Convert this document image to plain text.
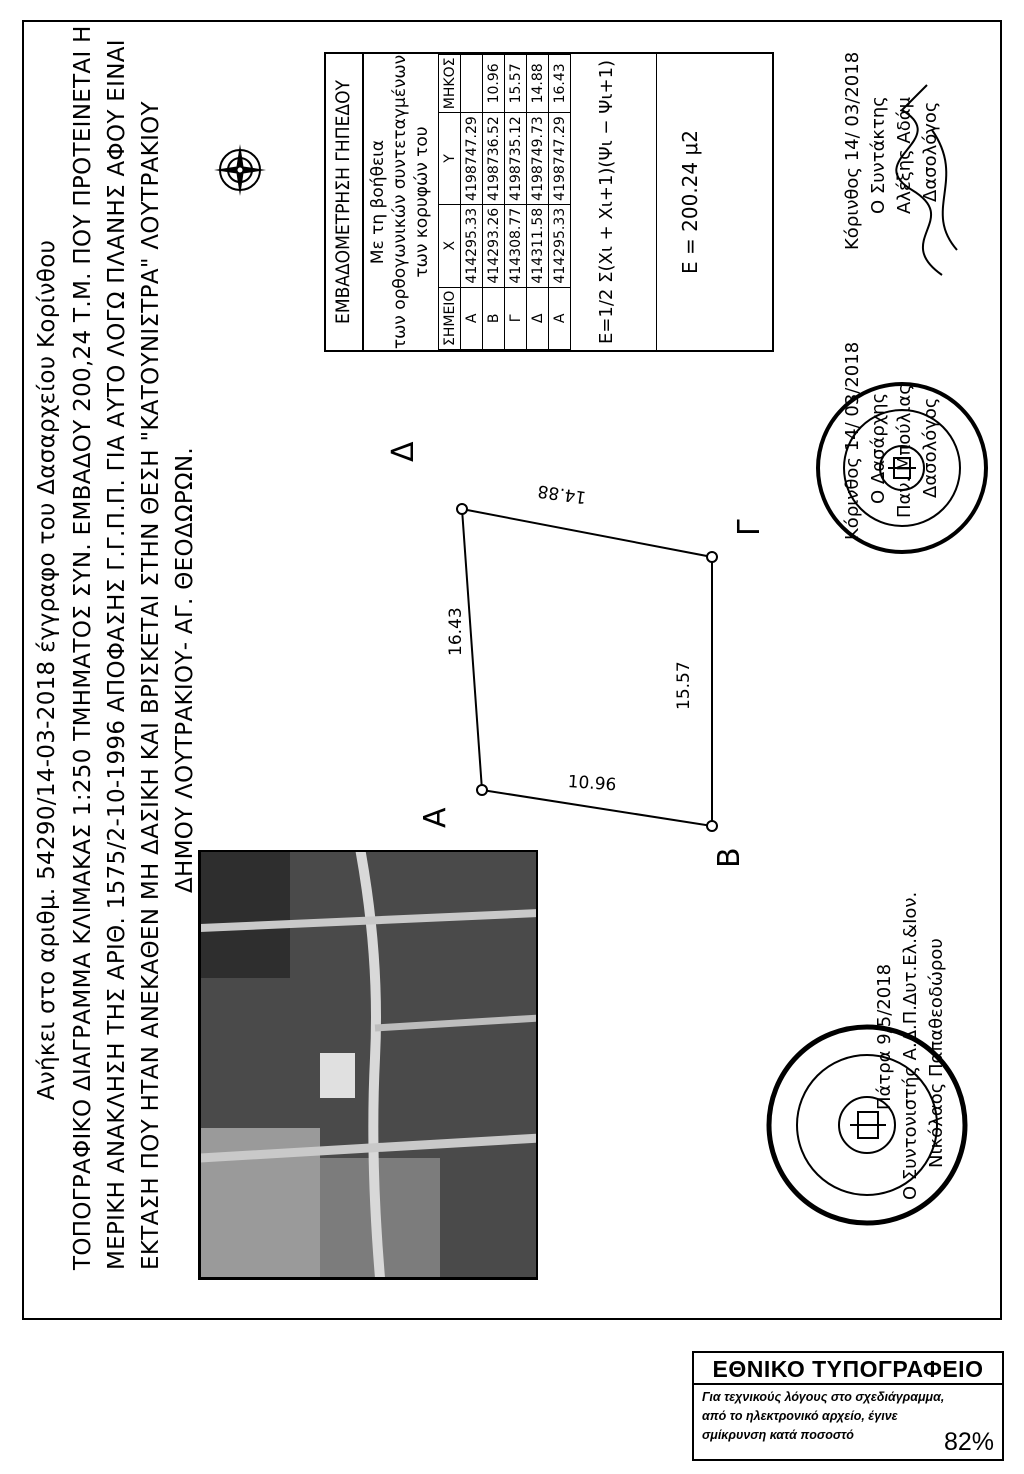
Ανήκει στο αριθμ. 54290/14-03-2018 έγγραφο του Δασαρχείου Κορίνθου ΤΟΠΟΓΡΑΦΙΚΟ ΔΙΑΓΡΑΜΜΑ ΚΛΙΜΑΚΑΣ 1:250 ΤΜΗΜΑΤΟΣ ΣΥΝ. ΕΜΒΑΔΟΥ 200,24 Τ.Μ. ΠΟΥ ΠΡΟΤΕΙΝΕΤΑΙ Η ΜΕΡΙΚΗ ΑΝΑΚΛΗΣΗ ΤΗΣ ΑΡΙΘ. 1575/2-10-1996 ΑΠΟΦΑΣΗΣ Γ.Γ.Π.Π. ΓΙΑ ΑΥΤΟ ΛΟΓΩ ΠΛΑΝΗΣ ΑΦΟΥ ΕΙΝΑΙ ΕΚΤΑΣΗ ΠΟΥ ΗΤΑΝ ΑΝΕΚΑΘΕΝ ΜΗ ΔΑΣΙΚΗ ΚΑΙ ΒΡΙΣΚΕΤΑΙ ΣΤΗΝ ΘΕΣΗ "ΚΑΤΟΥΝΙΣΤΡΑ" ΛΟΥΤΡΑΚΙΟΥ ΔΗΜΟΥ ΛΟΥΤΡΑΚΙΟΥ- ΑΓ. ΘΕΟΔΩΡΩΝ.	Α
Β
Γ
Δ
10.96
15.57
14.88
16.43
ΕΜΒΑΔΟΜΕΤΡΗΣΗ ΓΗΠΕΔΟΥ Με τη βοήθεια των ορθογωνικών συντεταγμένων των κορυφών του
ΣΗΜΕΙΟ	X	Y	ΜΗΚΟΣ
Α	414295.33	4198747.29	
Β	414293.26	4198736.52	10.96
Γ	414308.77	4198735.12	15.57
Δ	414311.58	4198749.73	14.88
Α	414295.33	4198747.29	16.43 E=1/2 Σ(Xι + Xι+1)(Ψι − Ψι+1)	Ε = 200.24 μ2
Κόρινθος 14/ 03/2018 Ο Δασάρχης Παν. Μπούλιας Δασολόγος
Κόρινθος 14/ 03/2018 Ο Συντάκτης Αλέξης Αδάμ Δασολόγος
Πάτρα 9/5/2018 Ο Συντονιστής Α.Δ.Π.Δυτ.Ελ.&Ιον. Νικόλαος Παπαθεοδώρου
ΕΘΝΙΚΟ ΤΥΠΟΓΡΑΦΕΙΟ
Για τεχνικούς λόγους στο σχεδιάγραμμα,
από το ηλεκτρονικό αρχείο, έγινε
σμίκρυνση κατά ποσοστό	82%
